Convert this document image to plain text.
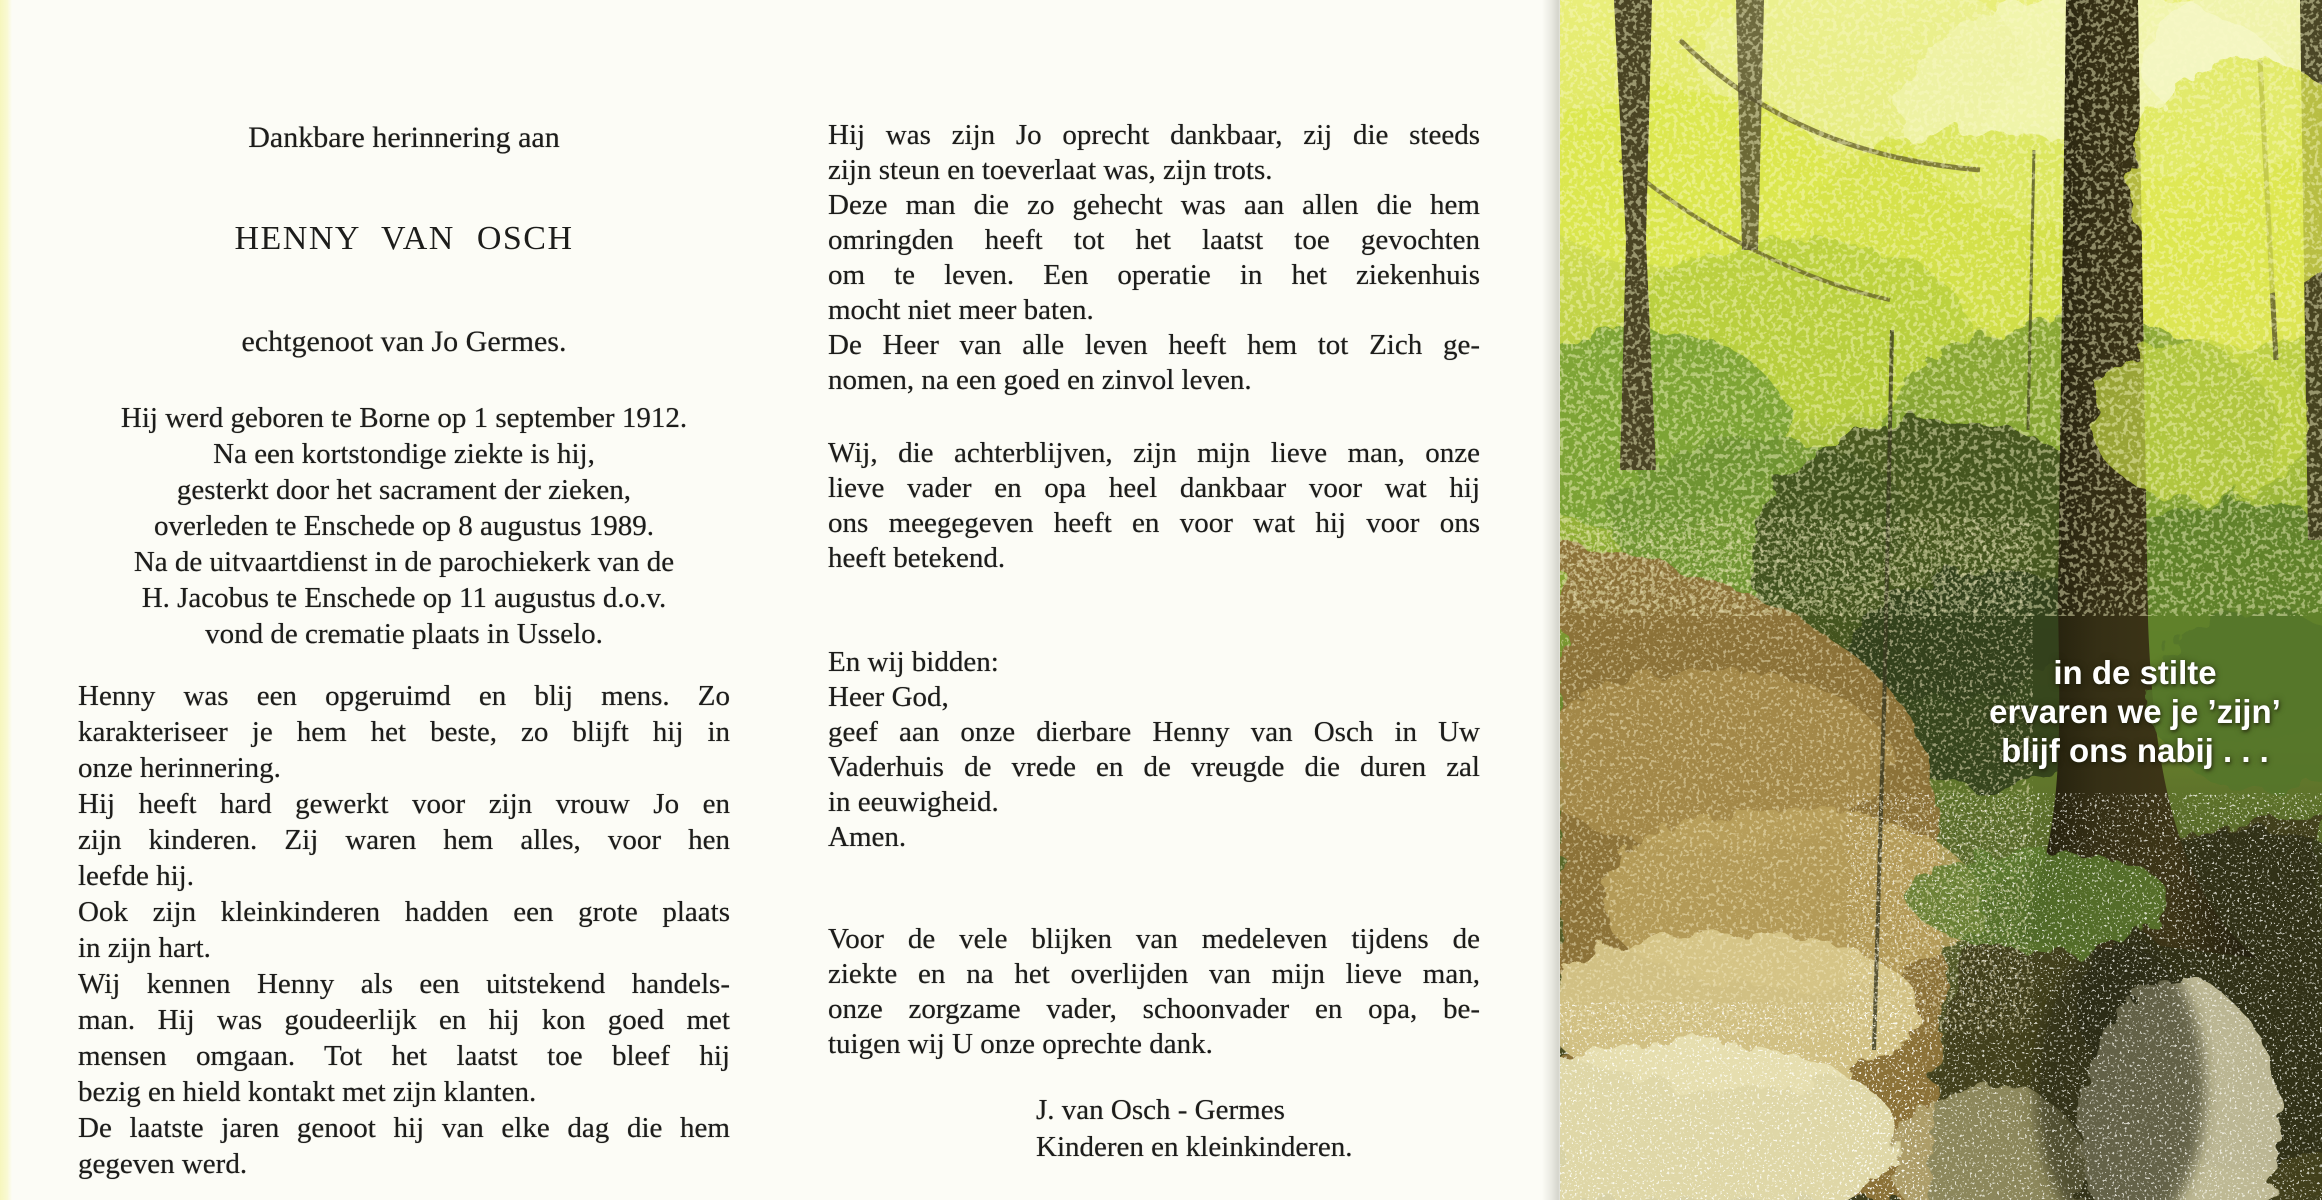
Dankbare herinnering aan
HENNY VAN OSCH
echtgenoot van Jo Germes.
Hij werd geboren te Borne op 1 september 1912.
Na een kortstondige ziekte is hij,
gesterkt door het sacrament der zieken,
overleden te Enschede op 8 augustus 1989.
Na de uitvaartdienst in de parochiekerk van de
H. Jacobus te Enschede op 11 augustus d.o.v.
vond de crematie plaats in Usselo.
Henny was een opgeruimd en blij mens. Zo
karakteriseer je hem het beste, zo blijft hij in
onze herinnering.
Hij heeft hard gewerkt voor zijn vrouw Jo en
zijn kinderen. Zij waren hem alles, voor hen
leefde hij.
Ook zijn kleinkinderen hadden een grote plaats
in zijn hart.
Wij kennen Henny als een uitstekend handels-
man. Hij was goudeerlijk en hij kon goed met
mensen omgaan. Tot het laatst toe bleef hij
bezig en hield kontakt met zijn klanten.
De laatste jaren genoot hij van elke dag die hem
gegeven werd.
Hij was zijn Jo oprecht dankbaar, zij die steeds
zijn steun en toeverlaat was, zijn trots.
Deze man die zo gehecht was aan allen die hem
omringden heeft tot het laatst toe gevochten
om te leven. Een operatie in het ziekenhuis
mocht niet meer baten.
De Heer van alle leven heeft hem tot Zich ge-
nomen, na een goed en zinvol leven.
Wij, die achterblijven, zijn mijn lieve man, onze
lieve vader en opa heel dankbaar voor wat hij
ons meegegeven heeft en voor wat hij voor ons
heeft betekend.
En wij bidden:
Heer God,
geef aan onze dierbare Henny van Osch in Uw
Vaderhuis de vrede en de vreugde die duren zal
in eeuwigheid.
Amen.
Voor de vele blijken van medeleven tijdens de
ziekte en na het overlijden van mijn lieve man,
onze zorgzame vader, schoonvader en opa, be-
tuigen wij U onze oprechte dank.
J. van Osch - Germes
Kinderen en kleinkinderen.
in de stilte
ervaren we je ’zijn’
blijf ons nabij . . .
